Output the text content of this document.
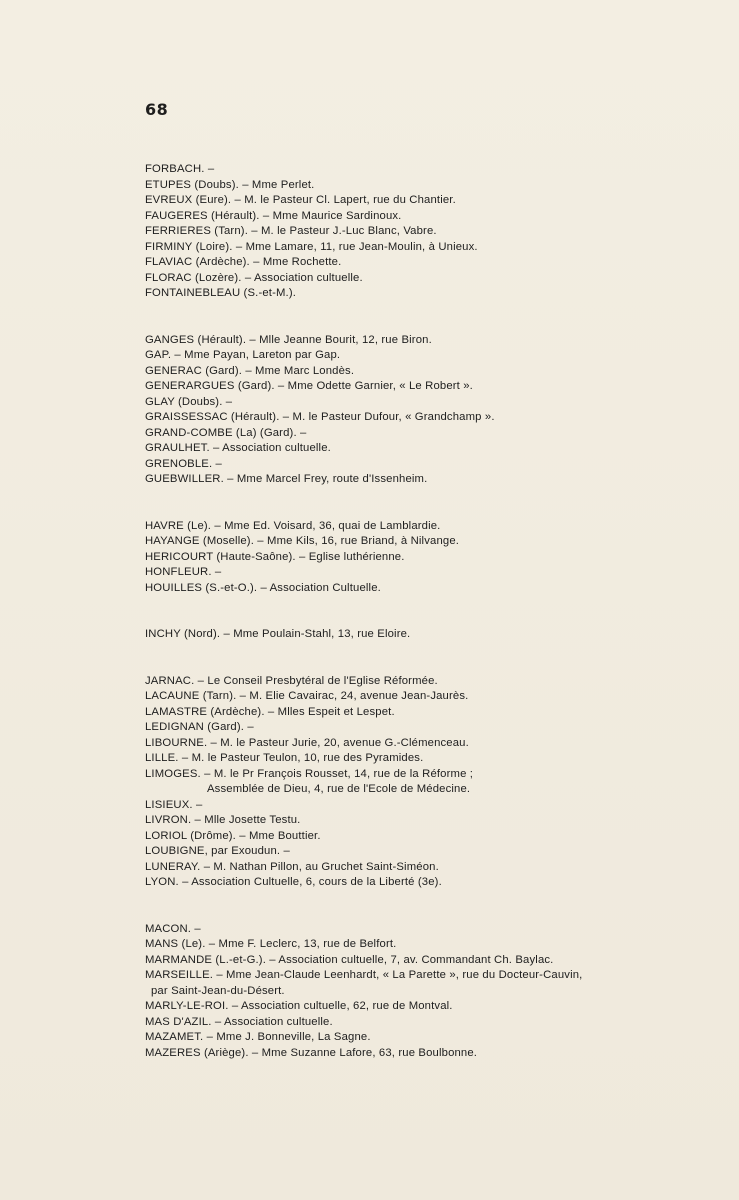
68
FORBACH. –
ETUPES (Doubs). – Mme Perlet.
EVREUX (Eure). – M. le Pasteur Cl. Lapert, rue du Chantier.
FAUGERES (Hérault). – Mme Maurice Sardinoux.
FERRIERES (Tarn). – M. le Pasteur J.-Luc Blanc, Vabre.
FIRMINY (Loire). – Mme Lamare, 11, rue Jean-Moulin, à Unieux.
FLAVIAC (Ardèche). – Mme Rochette.
FLORAC (Lozère). – Association cultuelle.
FONTAINEBLEAU (S.-et-M.).
GANGES (Hérault). – Mlle Jeanne Bourit, 12, rue Biron.
GAP. – Mme Payan, Lareton par Gap.
GENERAC (Gard). – Mme Marc Londès.
GENERARGUES (Gard). – Mme Odette Garnier, « Le Robert ».
GLAY (Doubs). –
GRAISSESSAC (Hérault). – M. le Pasteur Dufour, « Grandchamp ».
GRAND-COMBE (La) (Gard). –
GRAULHET. – Association cultuelle.
GRENOBLE. –
GUEBWILLER. – Mme Marcel Frey, route d'Issenheim.
HAVRE (Le). – Mme Ed. Voisard, 36, quai de Lamblardie.
HAYANGE (Moselle). – Mme Kils, 16, rue Briand, à Nilvange.
HERICOURT (Haute-Saône). – Eglise luthérienne.
HONFLEUR. –
HOUILLES (S.-et-O.). – Association Cultuelle.
INCHY (Nord). – Mme Poulain-Stahl, 13, rue Eloire.
JARNAC. – Le Conseil Presbytéral de l'Eglise Réformée.
LACAUNE (Tarn). – M. Elie Cavairac, 24, avenue Jean-Jaurès.
LAMASTRE (Ardèche). – Mlles Espeit et Lespet.
LEDIGNAN (Gard). –
LIBOURNE. – M. le Pasteur Jurie, 20, avenue G.-Clémenceau.
LILLE. – M. le Pasteur Teulon, 10, rue des Pyramides.
LIMOGES. – M. le Pr François Rousset, 14, rue de la Réforme ;
Assemblée de Dieu, 4, rue de l'Ecole de Médecine.
LISIEUX. –
LIVRON. – Mlle Josette Testu.
LORIOL (Drôme). – Mme Bouttier.
LOUBIGNE, par Exoudun. –
LUNERAY. – M. Nathan Pillon, au Gruchet Saint-Siméon.
LYON. – Association Cultuelle, 6, cours de la Liberté (3e).
MACON. –
MANS (Le). – Mme F. Leclerc, 13, rue de Belfort.
MARMANDE (L.-et-G.). – Association cultuelle, 7, av. Commandant Ch. Baylac.
MARSEILLE. – Mme Jean-Claude Leenhardt, « La Parette », rue du Docteur-Cauvin,
par Saint-Jean-du-Désert.
MARLY-LE-ROI. – Association cultuelle, 62, rue de Montval.
MAS D'AZIL. – Association cultuelle.
MAZAMET. – Mme J. Bonneville, La Sagne.
MAZERES (Ariège). – Mme Suzanne Lafore, 63, rue Boulbonne.
